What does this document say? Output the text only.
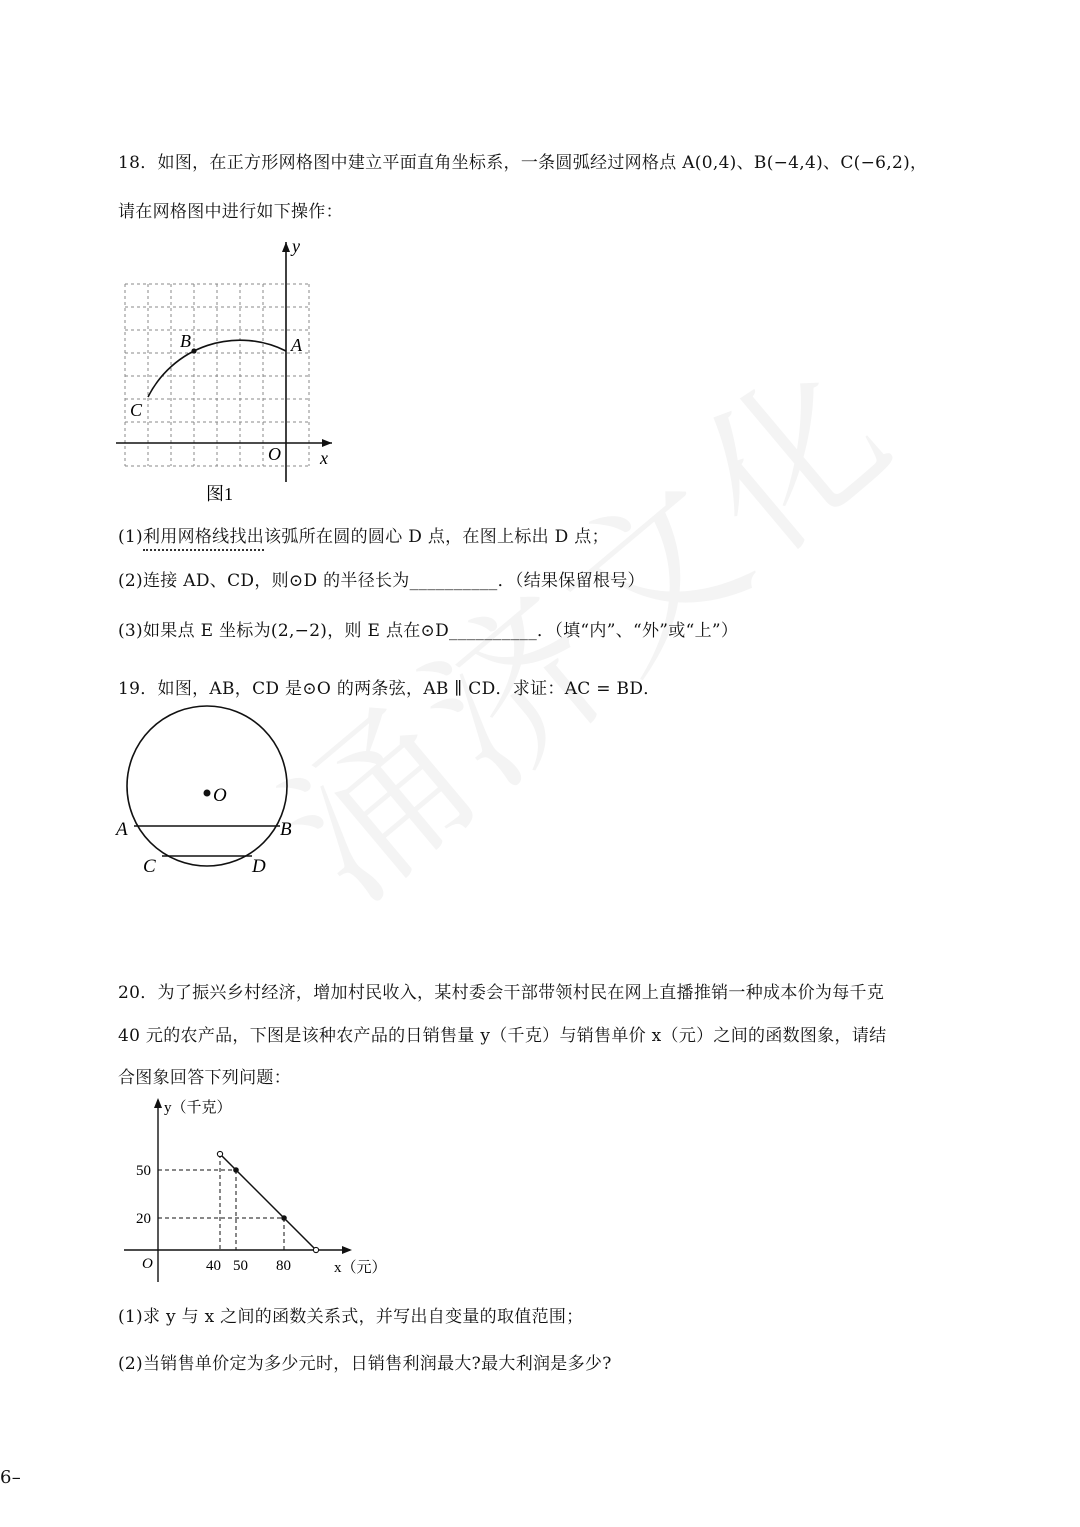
18．如图，在正方形网格图中建立平面直角坐标系，一条圆弧经过网格点 A(0,4)、B(−4,4)、C(−6,2)，
请在网格图中进行如下操作：
y
x
O
A
B
C
图1
(1)利用网格线找出该弧所在圆的圆心 D 点，在图上标出 D 点；
(2)连接 AD、CD，则⊙D 的半径长为__________．（结果保留根号）
(3)如果点 E 坐标为(2,−2)，则 E 点在⊙D__________．（填“内”、“外”或“上”）
19．如图，AB，CD 是⊙O 的两条弦，AB ∥ CD．求证：AC = BD．
O
A	B
C	D
20．为了振兴乡村经济，增加村民收入，某村委会干部带领村民在网上直播推销一种成本价为每千克
40 元的农产品，下图是该种农产品的日销售量 y（千克）与销售单价 x（元）之间的函数图象，请结
合图象回答下列问题：
40 50 80
50
20
y（千克）
x（元）
O
(1)求 y 与 x 之间的函数关系式，并写出自变量的取值范围；
(2)当销售单价定为多少元时，日销售利润最大?最大利润是多少?
6–
